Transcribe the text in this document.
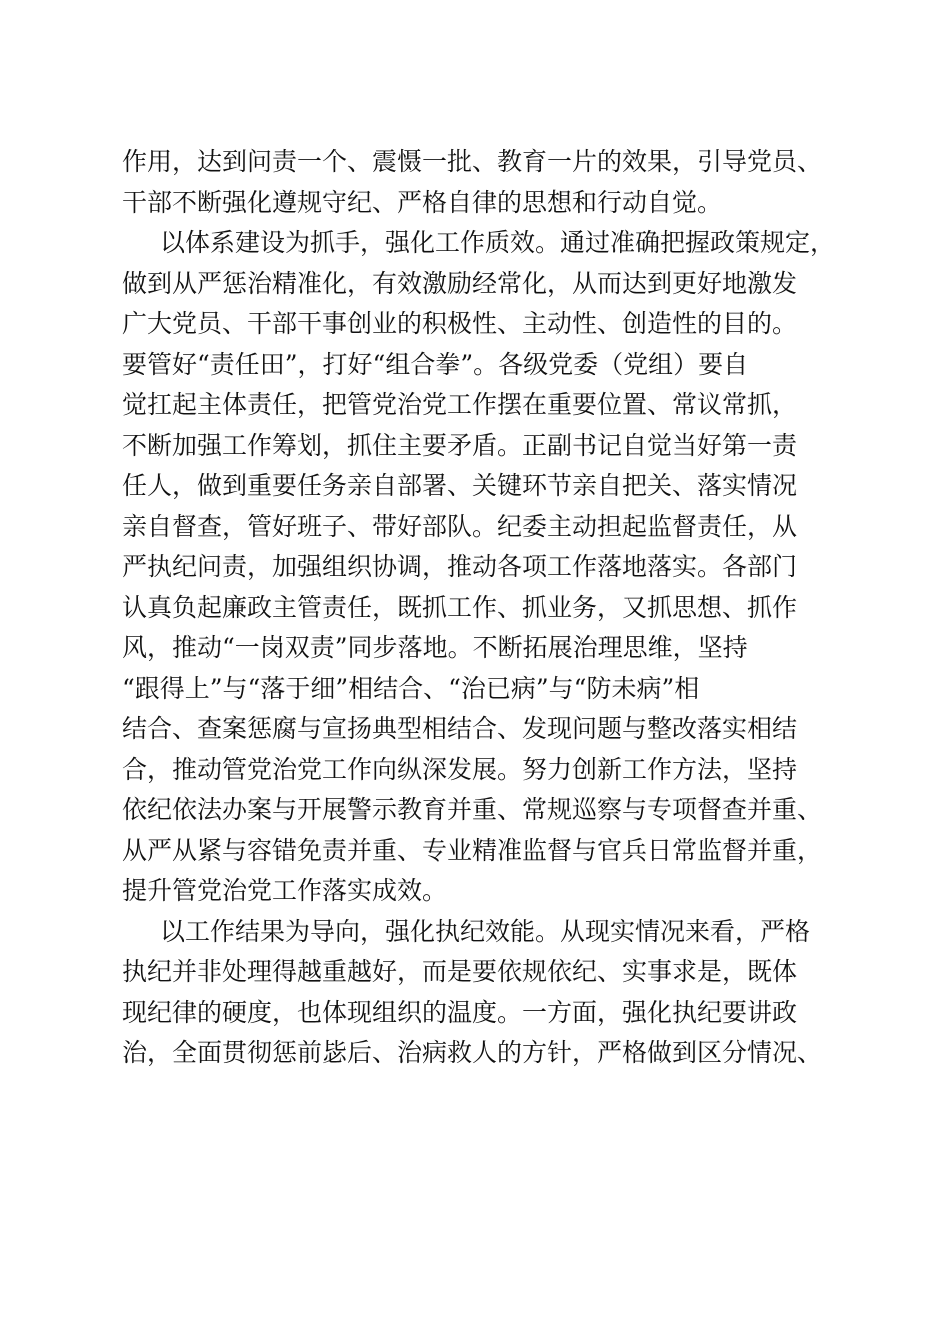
作用，达到问责一个、震慑一批、教育一片的效果，引导党员、
干部不断强化遵规守纪、严格自律的思想和行动自觉。
以体系建设为抓手，强化工作质效。通过准确把握政策规定，
做到从严惩治精准化，有效激励经常化，从而达到更好地激发
广大党员、干部干事创业的积极性、主动性、创造性的目的。
要管好“责任田”，打好“组合拳”。各级党委（党组）要自
觉扛起主体责任，把管党治党工作摆在重要位置、常议常抓，
不断加强工作筹划，抓住主要矛盾。正副书记自觉当好第一责
任人，做到重要任务亲自部署、关键环节亲自把关、落实情况
亲自督查，管好班子、带好部队。纪委主动担起监督责任，从
严执纪问责，加强组织协调，推动各项工作落地落实。各部门
认真负起廉政主管责任，既抓工作、抓业务，又抓思想、抓作
风，推动“一岗双责”同步落地。不断拓展治理思维，坚持
“跟得上”与“落于细”相结合、“治已病”与“防未病”相
结合、查案惩腐与宣扬典型相结合、发现问题与整改落实相结
合，推动管党治党工作向纵深发展。努力创新工作方法，坚持
依纪依法办案与开展警示教育并重、常规巡察与专项督查并重、
从严从紧与容错免责并重、专业精准监督与官兵日常监督并重，
提升管党治党工作落实成效。
以工作结果为导向，强化执纪效能。从现实情况来看，严格
执纪并非处理得越重越好，而是要依规依纪、实事求是，既体
现纪律的硬度，也体现组织的温度。一方面，强化执纪要讲政
治，全面贯彻惩前毖后、治病救人的方针，严格做到区分情况、
